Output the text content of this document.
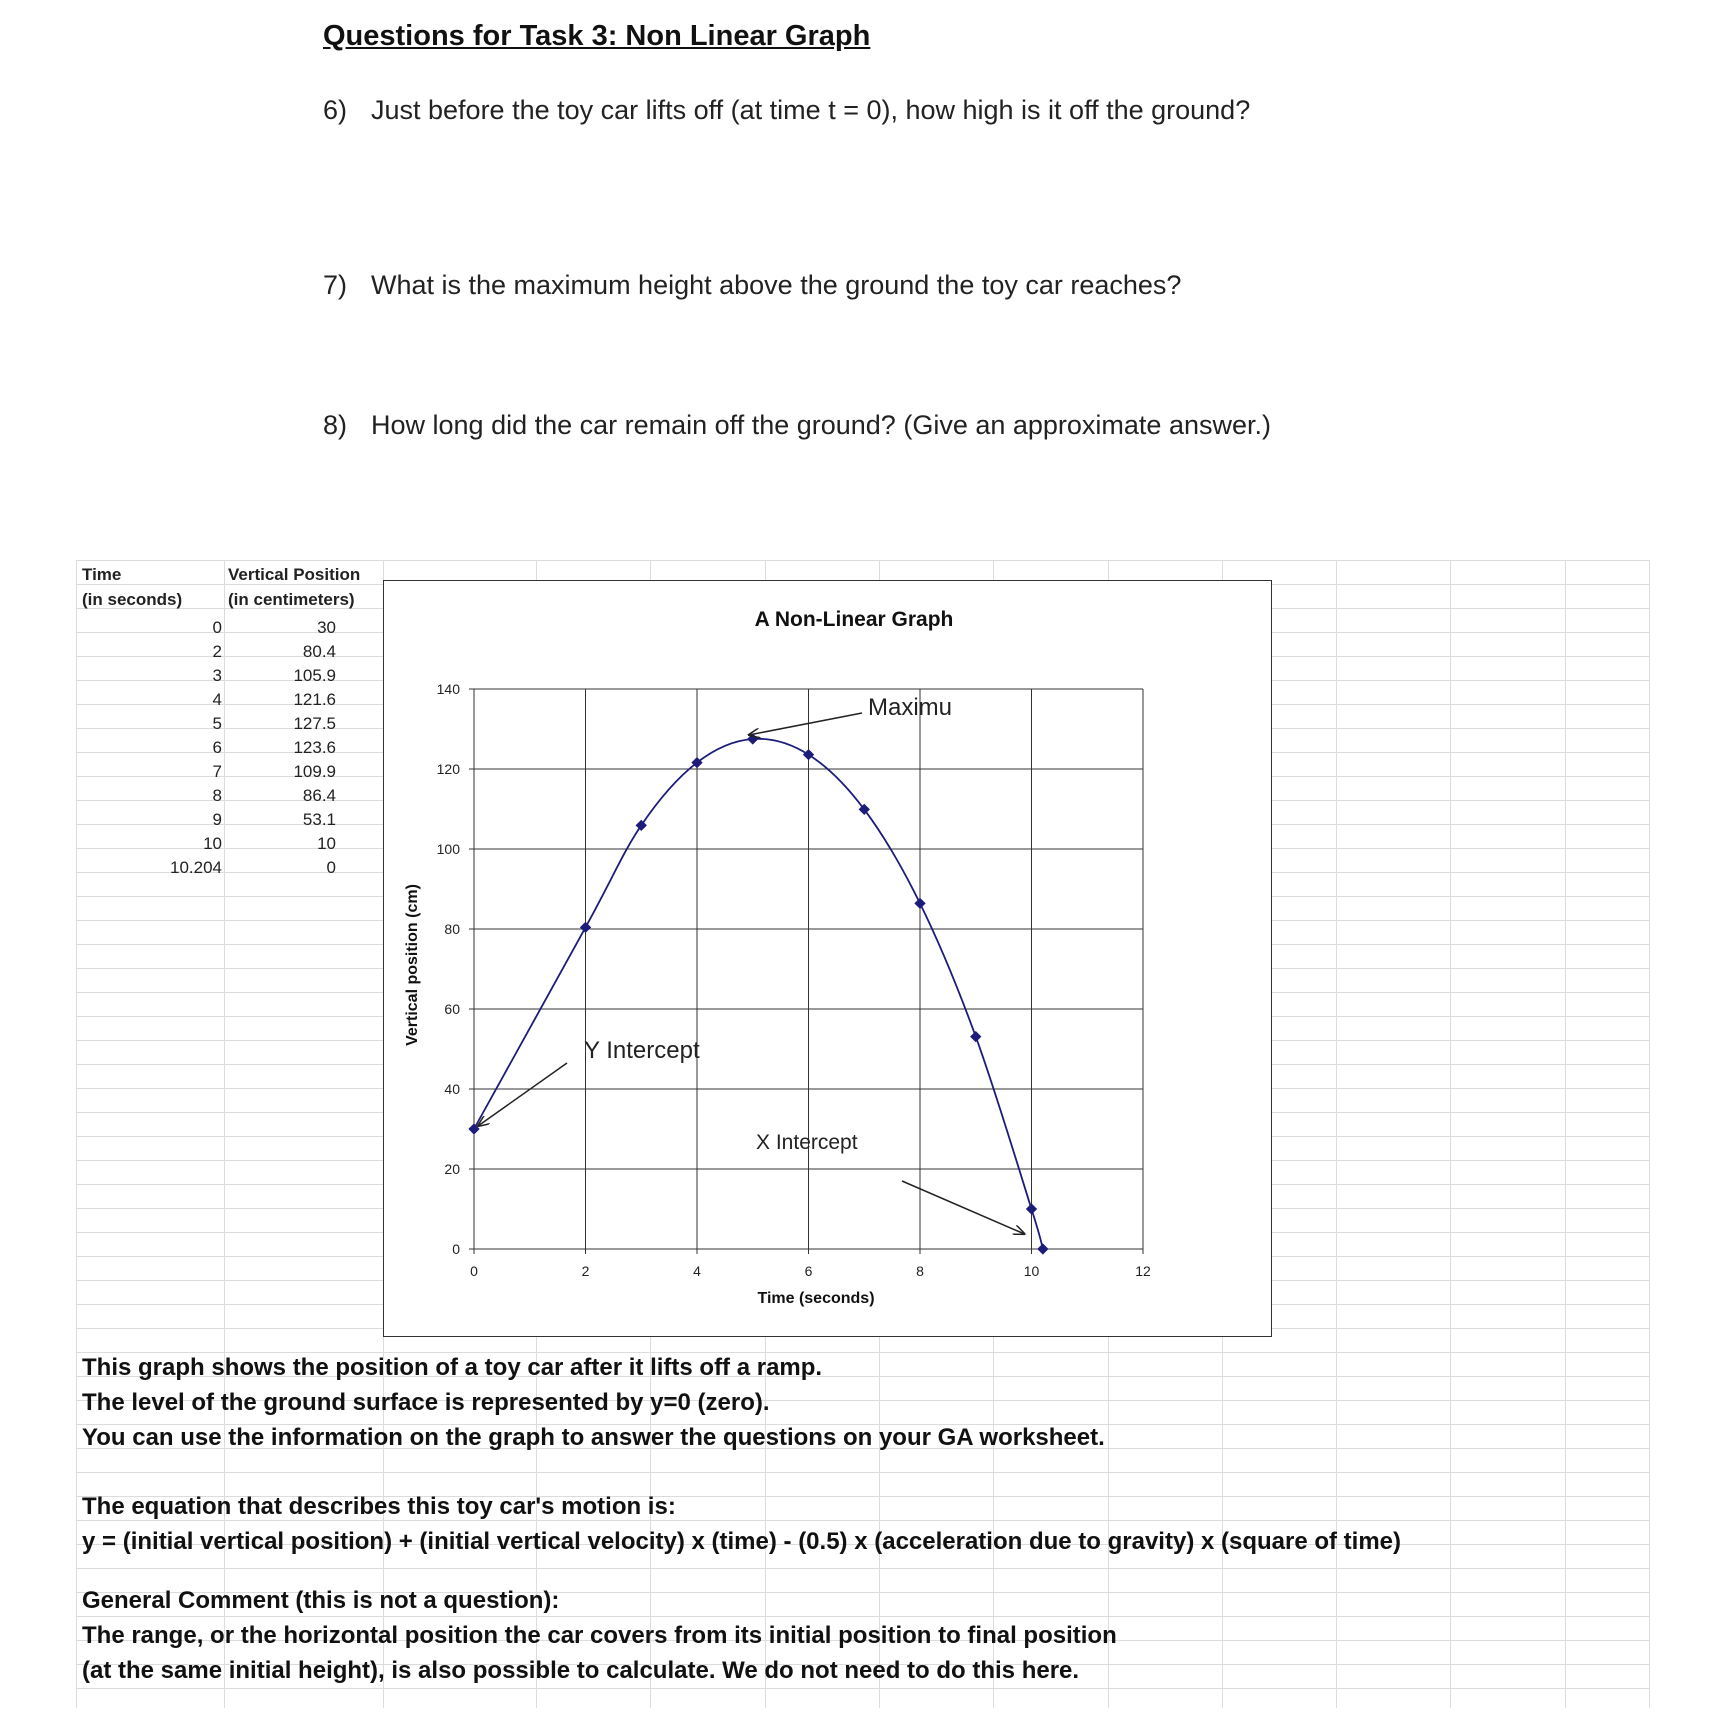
Questions for Task 3: Non Linear Graph
6) Just before the toy car lifts off (at time t = 0), how high is it off the ground?
7) What is the maximum height above the ground the toy car reaches?
8) How long did the car remain off the ground? (Give an approximate answer.)
Time
(in seconds)
Vertical Position
(in centimeters)
0	30
2	80.4
3	105.9
4	121.6
5	127.5
6	123.6
7	109.9
8	86.4
9	53.1
10	10
10.204	0
A Non-Linear Graph
Time (seconds)
Vertical position (cm)
0
20
40
60
80
100
120
140
0	2	4	6	8	10	12
Maximu
Y Intercept
X Intercept
This graph shows the position of a toy car after it lifts off a ramp.
The level of the ground surface is represented by y=0 (zero).
You can use the information on the graph to answer the questions on your GA worksheet.
The equation that describes this toy car's motion is:
y = (initial vertical position) + (initial vertical velocity) x (time) - (0.5) x (acceleration due to gravity) x (square of time)
General Comment (this is not a question):
The range, or the horizontal position the car covers from its initial position to final position
(at the same initial height), is also possible to calculate. We do not need to do this here.
